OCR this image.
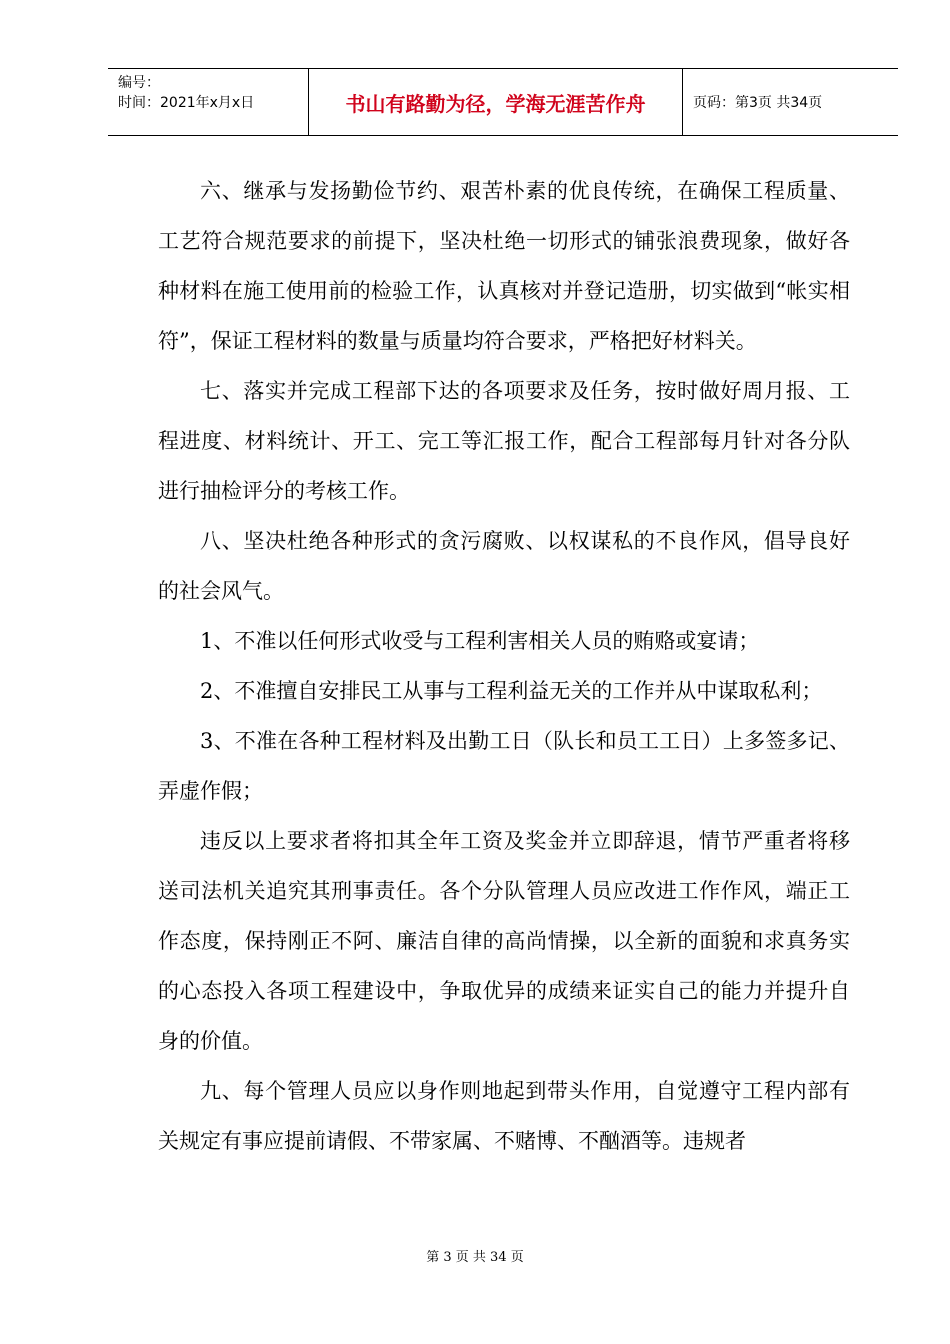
编号：
时间：2021年x月x日	书山有路勤为径，学海无涯苦作舟	页码：第3页 共34页

六、继承与发扬勤俭节约、艰苦朴素的优良传统，在确保工程质量、工艺符合规范要求的前提下，坚决杜绝一切形式的铺张浪费现象，做好各种材料在施工使用前的检验工作，认真核对并登记造册，切实做到“帐实相符”，保证工程材料的数量与质量均符合要求，严格把好材料关。

七、落实并完成工程部下达的各项要求及任务，按时做好周月报、工程进度、材料统计、开工、完工等汇报工作，配合工程部每月针对各分队进行抽检评分的考核工作。

八、坚决杜绝各种形式的贪污腐败、以权谋私的不良作风，倡导良好的社会风气。

1、不准以任何形式收受与工程利害相关人员的贿赂或宴请；

2、不准擅自安排民工从事与工程利益无关的工作并从中谋取私利；

3、不准在各种工程材料及出勤工日（队长和员工工日）上多签多记、弄虚作假；

违反以上要求者将扣其全年工资及奖金并立即辞退，情节严重者将移送司法机关追究其刑事责任。各个分队管理人员应改进工作作风，端正工作态度，保持刚正不阿、廉洁自律的高尚情操，以全新的面貌和求真务实的心态投入各项工程建设中，争取优异的成绩来证实自己的能力并提升自身的价值。

九、每个管理人员应以身作则地起到带头作用，自觉遵守工程内部有关规定有事应提前请假、不带家属、不赌博、不酗酒等。违规者

第 3 页 共 34 页
